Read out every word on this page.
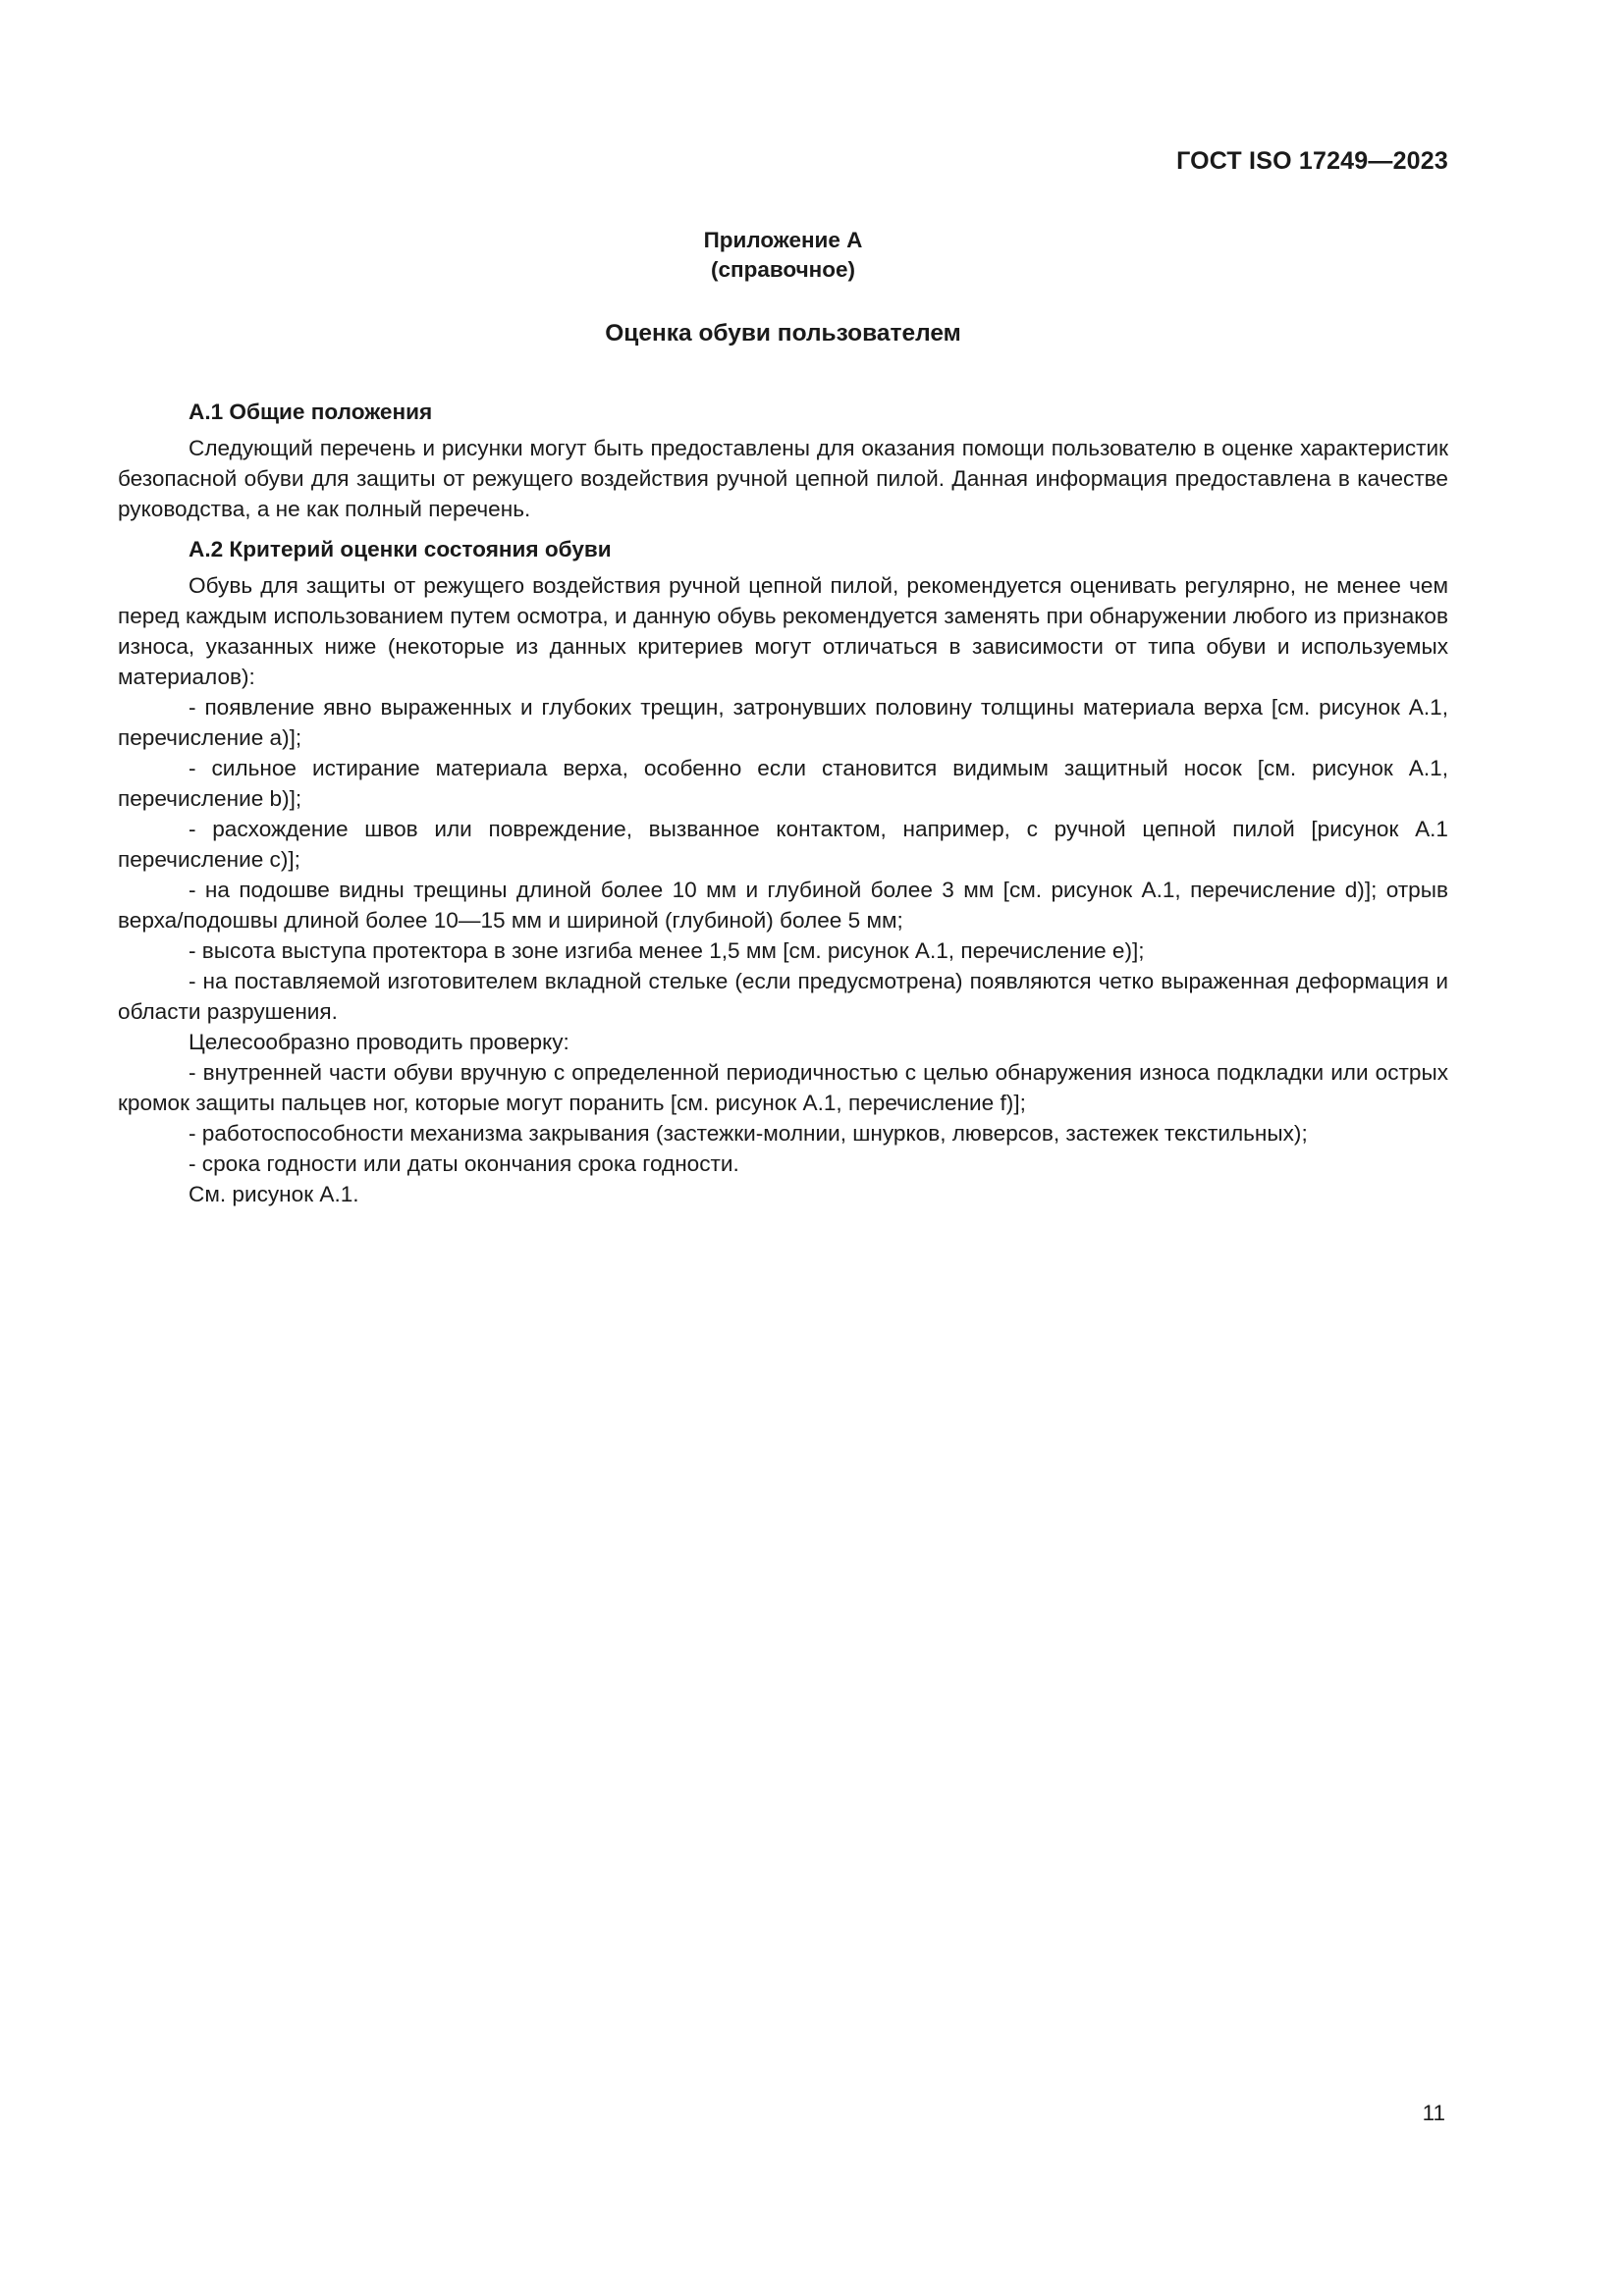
ГОСТ ISO 17249—2023
Приложение А
(справочное)
Оценка обуви пользователем

А.1 Общие положения

Следующий перечень и рисунки могут быть предоставлены для оказания помощи пользователю в оценке характеристик безопасной обуви для защиты от режущего воздействия ручной цепной пилой. Данная информация предоставлена в качестве руководства, а не как полный перечень.

А.2 Критерий оценки состояния обуви

Обувь для защиты от режущего воздействия ручной цепной пилой, рекомендуется оценивать регулярно, не менее чем перед каждым использованием путем осмотра, и данную обувь рекомендуется заменять при обнаружении любого из признаков износа, указанных ниже (некоторые из данных критериев могут отличаться в зависимости от типа обуви и используемых материалов):

- появление явно выраженных и глубоких трещин, затронувших половину толщины материала верха [см. рисунок А.1, перечисление a)];

- сильное истирание материала верха, особенно если становится видимым защитный носок [см. рисунок А.1, перечисление b)];

- расхождение швов или повреждение, вызванное контактом, например, с ручной цепной пилой [рисунок А.1 перечисление c)];

- на подошве видны трещины длиной более 10 мм и глубиной более 3 мм [см. рисунок А.1, перечисление d)]; отрыв верха/подошвы длиной более 10—15 мм и шириной (глубиной) более 5 мм;

- высота выступа протектора в зоне изгиба менее 1,5 мм [см. рисунок А.1, перечисление e)];

- на поставляемой изготовителем вкладной стельке (если предусмотрена) появляются четко выраженная деформация и области разрушения.

Целесообразно проводить проверку:

- внутренней части обуви вручную с определенной периодичностью с целью обнаружения износа подкладки или острых кромок защиты пальцев ног, которые могут поранить [см. рисунок А.1, перечисление f)];

- работоспособности механизма закрывания (застежки-молнии, шнурков, люверсов, застежек текстильных);

- срока годности или даты окончания срока годности.

См. рисунок А.1.

11
